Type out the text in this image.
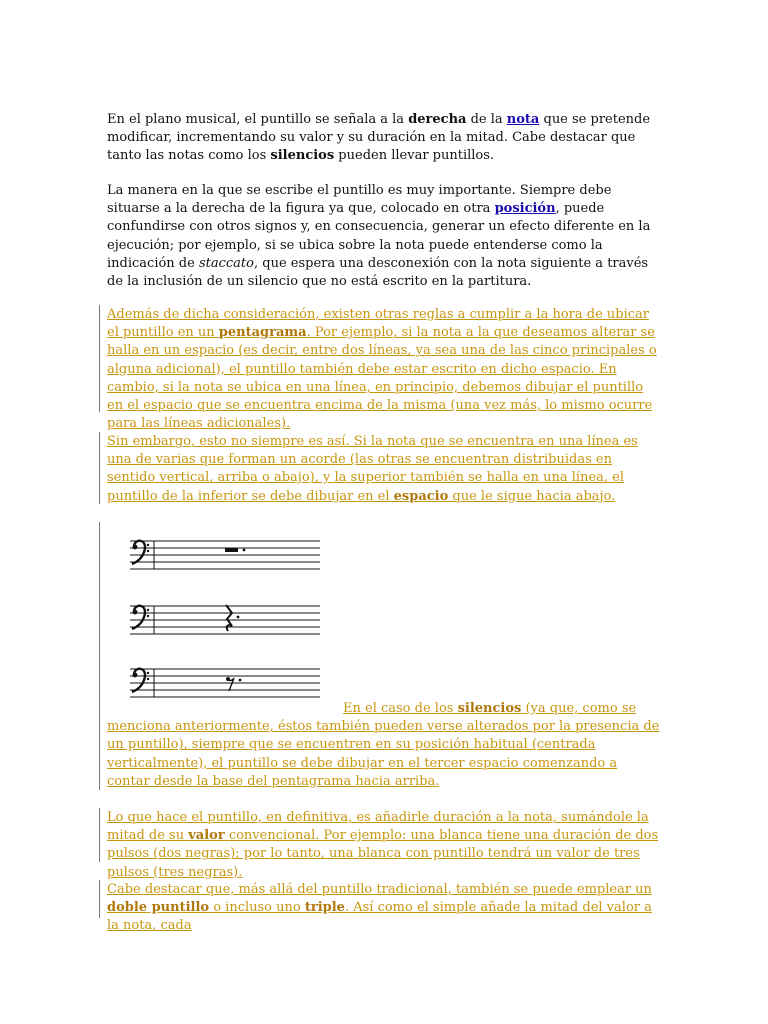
En el plano musical, el puntillo se señala a la derecha de la nota que se pretende modificar, incrementando su valor y su duración en la mitad. Cabe destacar que tanto las notas como los silencios pueden llevar puntillos.

La manera en la que se escribe el puntillo es muy importante. Siempre debe situarse a la derecha de la figura ya que, colocado en otra posición, puede confundirse con otros signos y, en consecuencia, generar un efecto diferente en la ejecución; por ejemplo, si se ubica sobre la nota puede entenderse como la indicación de staccato, que espera una desconexión con la nota siguiente a través de la inclusión de un silencio que no está escrito en la partitura.

Además de dicha consideración, existen otras reglas a cumplir a la hora de ubicar el puntillo en un pentagrama. Por ejemplo, si la nota a la que deseamos alterar se halla en un espacio (es decir, entre dos líneas, ya sea una de las cinco principales o alguna adicional), el puntillo también debe estar escrito en dicho espacio. En cambio, si la nota se ubica en una línea, en principio, debemos dibujar el puntillo en el espacio que se encuentra encima de la misma (una vez más, lo mismo ocurre para las líneas adicionales).

Sin embargo, esto no siempre es así. Si la nota que se encuentra en una línea es una de varias que forman un acorde (las otras se encuentran distribuidas en sentido vertical, arriba o abajo), y la superior también se halla en una línea, el puntillo de la inferior se debe dibujar en el espacio que le sigue hacia abajo.

En el caso de los silencios (ya que, como se menciona anteriormente, éstos también pueden verse alterados por la presencia de un puntillo), siempre que se encuentren en su posición habitual (centrada verticalmente), el puntillo se debe dibujar en el tercer espacio comenzando a contar desde la base del pentagrama hacia arriba.

Lo que hace el puntillo, en definitiva, es añadirle duración a la nota, sumándole la mitad de su valor convencional. Por ejemplo: una blanca tiene una duración de dos pulsos (dos negras); por lo tanto, una blanca con puntillo tendrá un valor de tres pulsos (tres negras).

Cabe destacar que, más allá del puntillo tradicional, también se puede emplear un doble puntillo o incluso uno triple. Así como el simple añade la mitad del valor a la nota, cada
